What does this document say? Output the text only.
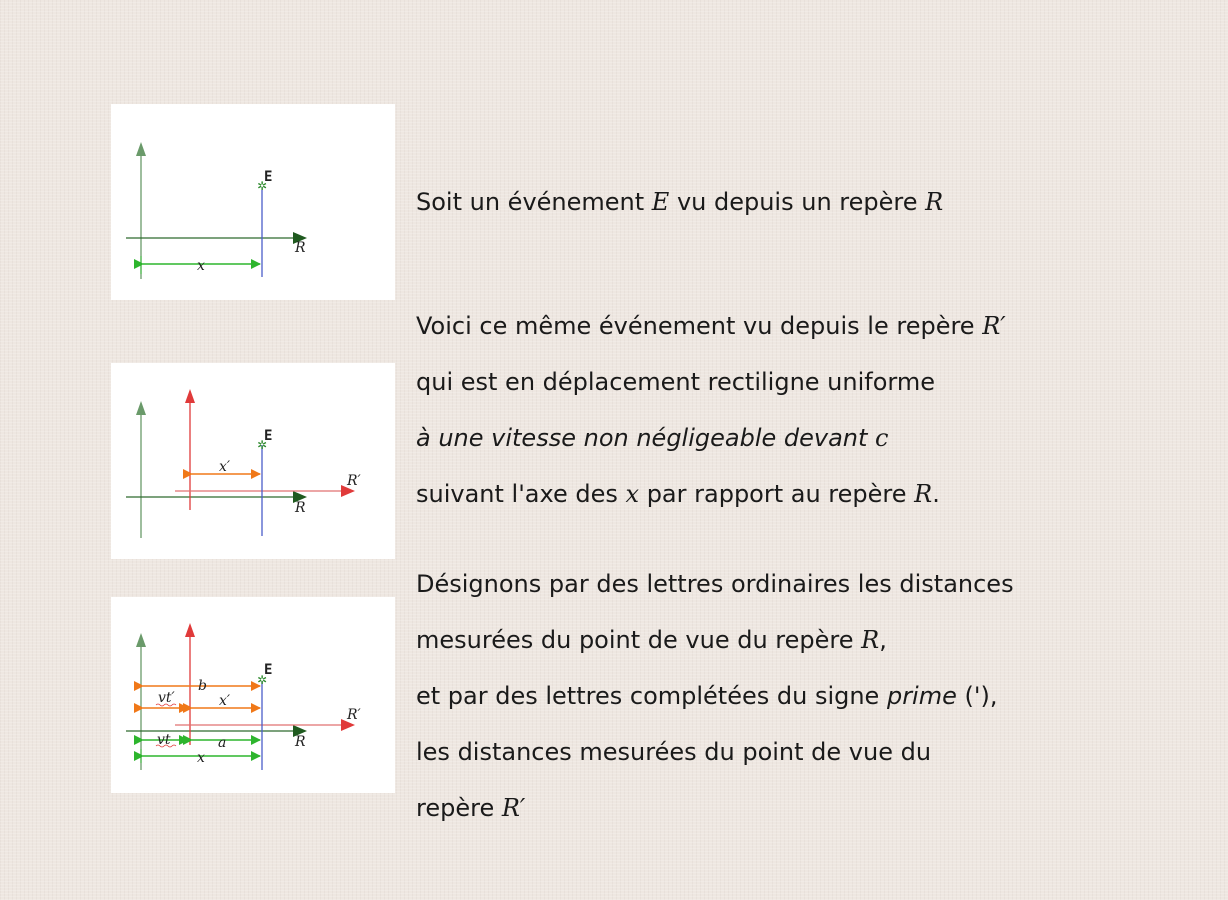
R
✲
E
x
R
R′
✲
E
x′
R
R′
✲
E
b
vt′	x′
vt	a
x
Soit un événement E vu depuis un repère R
Voici ce même événement vu depuis le repère R′
qui est en déplacement rectiligne uniforme
à une vitesse non négligeable devant c
suivant l'axe des x par rapport au repère R.
Désignons par des lettres ordinaires les distances
mesurées du point de vue du repère R,
et par des lettres complétées du signe prime ('),
les distances mesurées du point de vue du
repère R′
